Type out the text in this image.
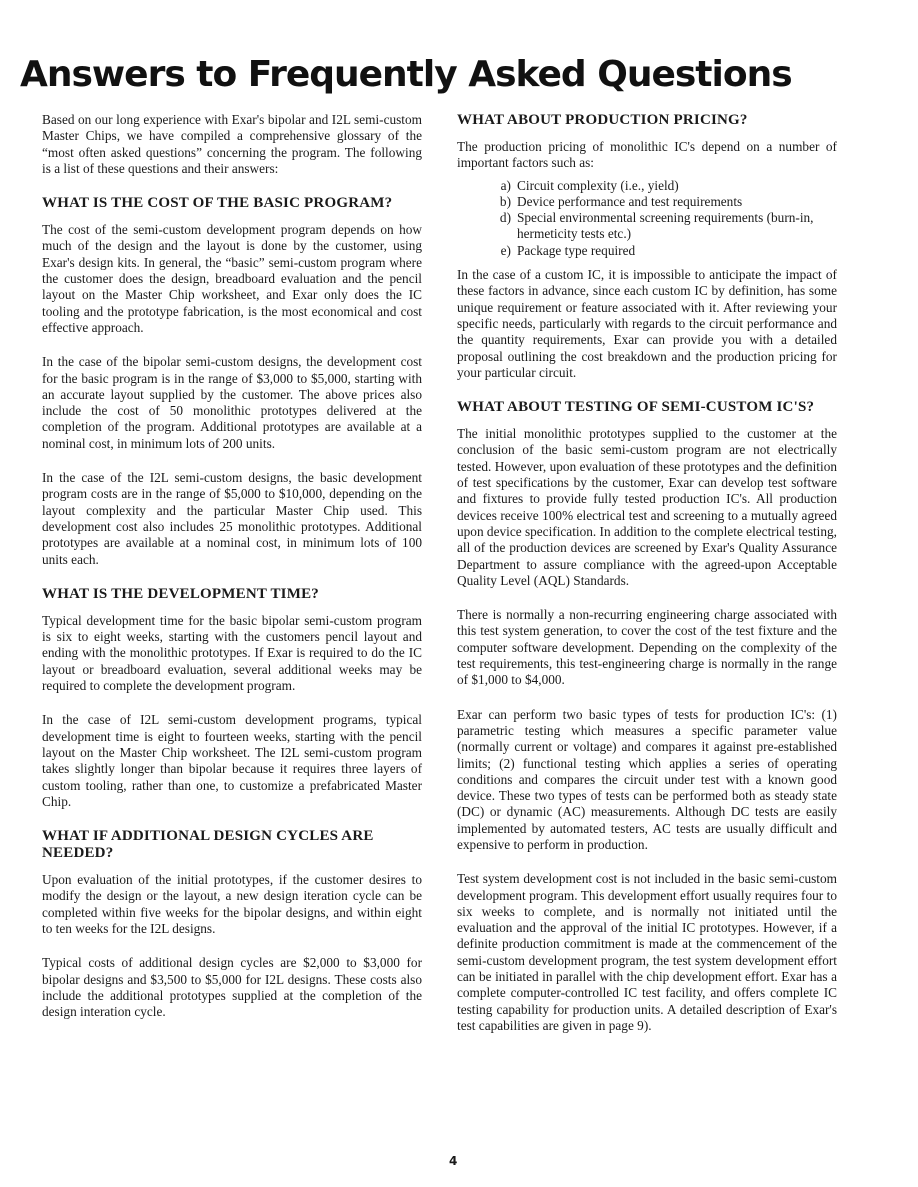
Answers to Frequently Asked Questions

Based on our long experience with Exar's bipolar and I2L semi-custom Master Chips, we have compiled a comprehensive glossary of the “most often asked questions” concerning the program. The following is a list of these questions and their answers:

WHAT IS THE COST OF THE BASIC PROGRAM?

The cost of the semi-custom development program depends on how much of the design and the layout is done by the customer, using Exar's design kits. In general, the “basic” semi-custom program where the customer does the design, breadboard evaluation and the pencil layout on the Master Chip worksheet, and Exar only does the IC tooling and the prototype fabrication, is the most economical and cost effective approach.

In the case of the bipolar semi-custom designs, the development cost for the basic program is in the range of $3,000 to $5,000, starting with an accurate layout supplied by the customer. The above prices also include the cost of 50 monolithic prototypes delivered at the completion of the program. Additional prototypes are available at a nominal cost, in minimum lots of 200 units.

In the case of the I2L semi-custom designs, the basic development program costs are in the range of $5,000 to $10,000, depending on the layout complexity and the particular Master Chip used. This development cost also includes 25 monolithic prototypes. Additional prototypes are available at a nominal cost, in minimum lots of 100 units each.

WHAT IS THE DEVELOPMENT TIME?

Typical development time for the basic bipolar semi-custom program is six to eight weeks, starting with the customers pencil layout and ending with the monolithic prototypes. If Exar is required to do the IC layout or breadboard evaluation, several additional weeks may be required to complete the development program.

In the case of I2L semi-custom development programs, typical development time is eight to fourteen weeks, starting with the pencil layout on the Master Chip worksheet. The I2L semi-custom program takes slightly longer than bipolar because it requires three layers of custom tooling, rather than one, to customize a prefabricated Master Chip.

WHAT IF ADDITIONAL DESIGN CYCLES ARE NEEDED?

Upon evaluation of the initial prototypes, if the customer desires to modify the design or the layout, a new design iteration cycle can be completed within five weeks for the bipolar designs, and within eight to ten weeks for the I2L designs.

Typical costs of additional design cycles are $2,000 to $3,000 for bipolar designs and $3,500 to $5,000 for I2L designs. These costs also include the additional prototypes supplied at the completion of the design interation cycle.

WHAT ABOUT PRODUCTION PRICING?

The production pricing of monolithic IC's depend on a number of important factors such as:

a) Circuit complexity (i.e., yield)
b) Device performance and test requirements
d) Special environmental screening requirements (burn-in, hermeticity tests etc.)
e) Package type required

In the case of a custom IC, it is impossible to anticipate the impact of these factors in advance, since each custom IC by definition, has some unique requirement or feature associated with it. After reviewing your specific needs, particularly with regards to the circuit performance and the quantity requirements, Exar can provide you with a detailed proposal outlining the cost breakdown and the production pricing for your particular circuit.

WHAT ABOUT TESTING OF SEMI-CUSTOM IC'S?

The initial monolithic prototypes supplied to the customer at the conclusion of the basic semi-custom program are not electrically tested. However, upon evaluation of these prototypes and the definition of test specifications by the customer, Exar can develop test software and fixtures to provide fully tested production IC's. All production devices receive 100% electrical test and screening to a mutually agreed upon device specification. In addition to the complete electrical testing, all of the production devices are screened by Exar's Quality Assurance Department to assure compliance with the agreed-upon Acceptable Quality Level (AQL) Standards.

There is normally a non-recurring engineering charge associated with this test system generation, to cover the cost of the test fixture and the computer software development. Depending on the complexity of the test requirements, this test-engineering charge is normally in the range of $1,000 to $4,000.

Exar can perform two basic types of tests for production IC's: (1) parametric testing which measures a specific parameter value (normally current or voltage) and compares it against pre-established limits; (2) functional testing which applies a series of operating conditions and compares the circuit under test with a known good device. These two types of tests can be performed both as steady state (DC) or dynamic (AC) measurements. Although DC tests are easily implemented by automated testers, AC tests are usually difficult and expensive to perform in production.

Test system development cost is not included in the basic semi-custom development program. This development effort usually requires four to six weeks to complete, and is normally not initiated until the evaluation and the approval of the initial IC prototypes. However, if a definite production commitment is made at the commencement of the semi-custom development program, the test system development effort can be initiated in parallel with the chip development effort. Exar has a complete computer-controlled IC test facility, and offers complete IC testing capability for production units. A detailed description of Exar's test capabilities are given in page 9).

4
